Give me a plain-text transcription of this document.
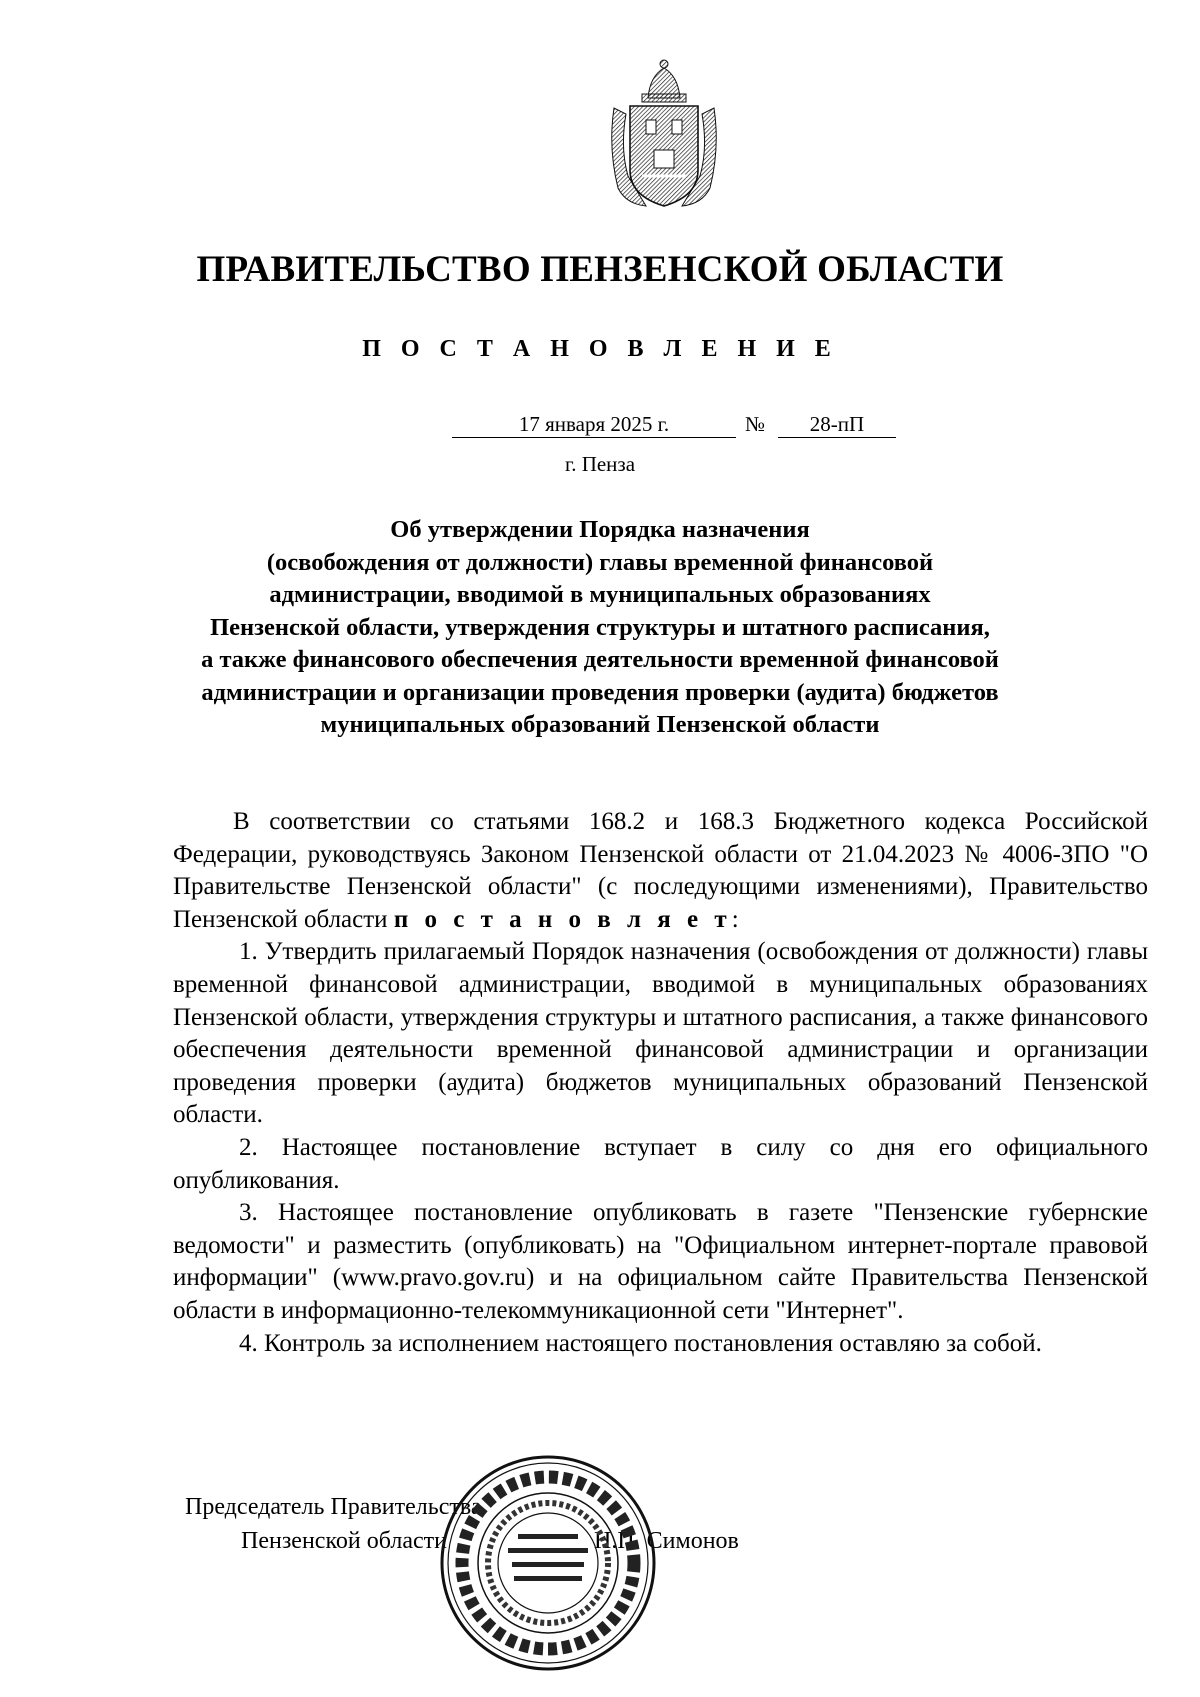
ПРАВИТЕЛЬСТВО ПЕНЗЕНСКОЙ ОБЛАСТИ
П О С Т А Н О В Л Е Н И Е
17 января 2025 г.	№	28-пП
г. Пенза
Об утверждении Порядка назначения
(освобождения от должности) главы временной финансовой
администрации, вводимой в муниципальных образованиях
Пензенской области, утверждения структуры и штатного расписания,
а также финансового обеспечения деятельности временной финансовой
администрации и организации проведения проверки (аудита) бюджетов
муниципальных образований Пензенской области

В соответствии со статьями 168.2 и 168.3 Бюджетного кодекса Российской Федерации, руководствуясь Законом Пензенской области от 21.04.2023 № 4006-ЗПО "О Правительстве Пензенской области" (с последующими изменениями), Правительство Пензенской области п о с т а н о в л я е т:

1. Утвердить прилагаемый Порядок назначения (освобождения от должности) главы временной финансовой администрации, вводимой в муниципальных образованиях Пензенской области, утверждения структуры и штатного расписания, а также финансового обеспечения деятельности временной финансовой администрации и организации проведения проверки (аудита) бюджетов муниципальных образований Пензенской области.

2. Настоящее постановление вступает в силу со дня его официального опубликования.

3. Настоящее постановление опубликовать в газете "Пензенские губернские ведомости" и разместить (опубликовать) на "Официальном интернет-портале правовой информации" (www.pravo.gov.ru) и на официальном сайте Правительства Пензенской области в информационно-телекоммуникационной сети "Интернет".

4. Контроль за исполнением настоящего постановления оставляю за собой.

Председатель Правительства
Пензенской области	Н.П. Симонов
